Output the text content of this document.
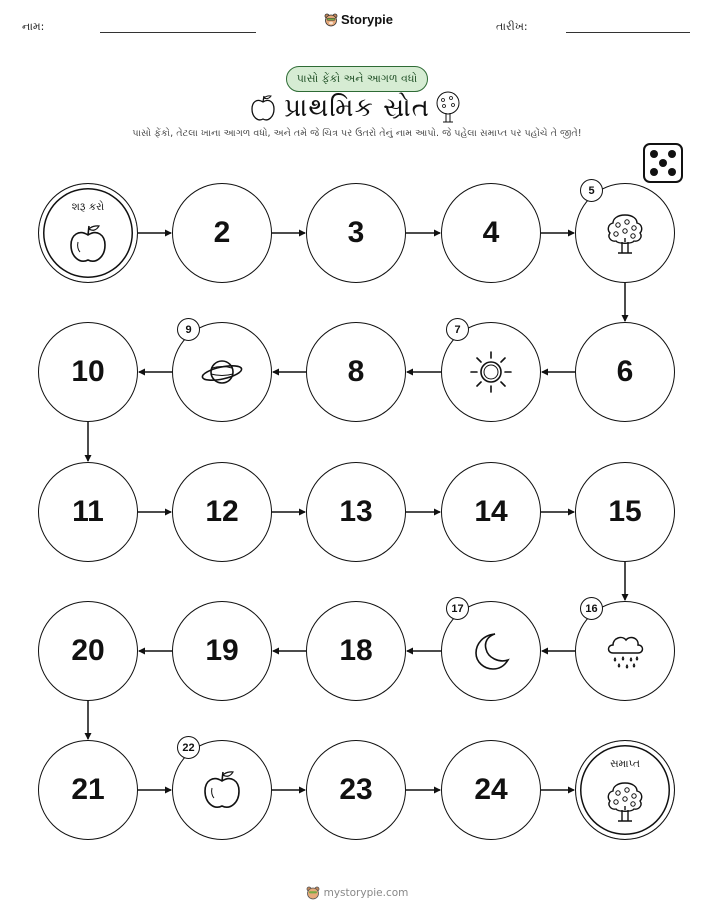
નામ:	Storypie	તારીખ:
પાસો ફેંકો અને આગળ વધો
પ્રાથમિક સ્રોત
પાસો ફેંકો, તેટલા ખાના આગળ વધો, અને તમે જે ચિત્ર પર ઉતરો તેનું નામ આપો. જે પહેલા સમાપ્ત પર પહોંચે તે જીતે!
શરૂ કરો
2	3	4
5
6
7
8
9
10
11	12	13	14	15
16
17
18
19
20
21
22
23	24
સમાપ્ત
mystorypie.com
